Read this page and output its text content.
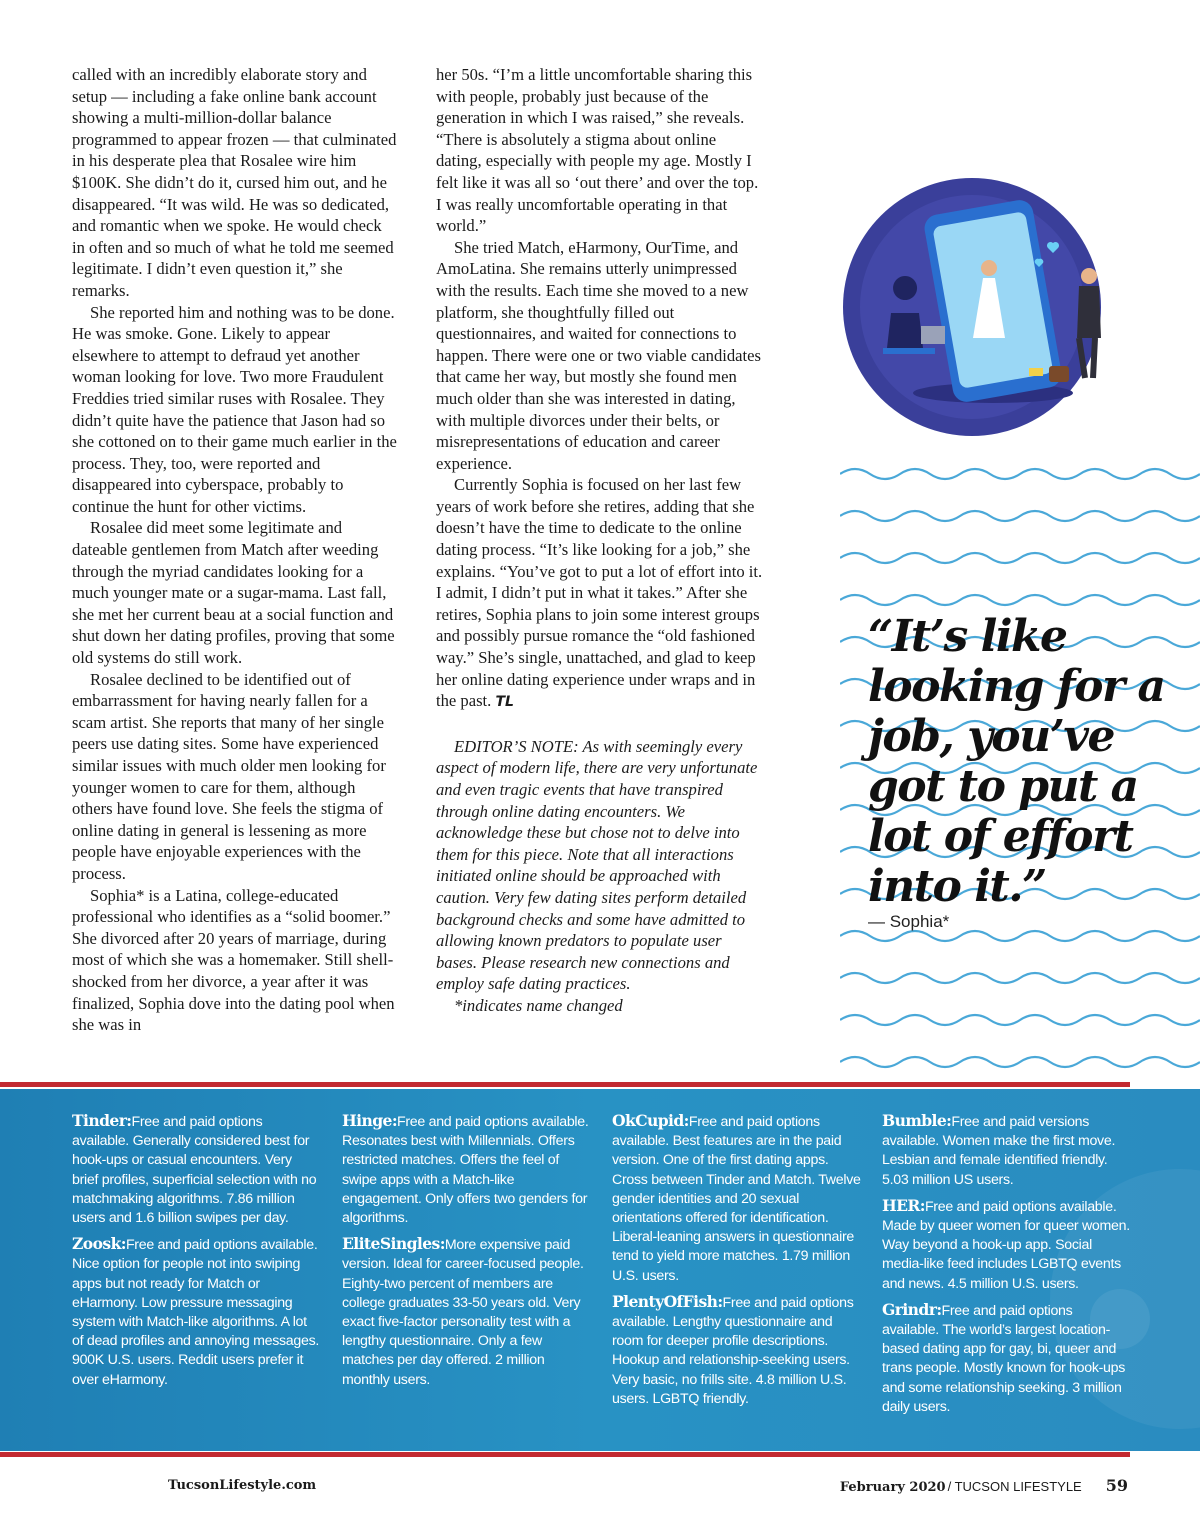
called with an incredibly elaborate story and setup — including a fake online bank account showing a multi-million-dollar balance programmed to appear frozen — that culminated in his desperate plea that Rosalee wire him $100K. She didn’t do it, cursed him out, and he disappeared. “It was wild. He was so dedicated, and romantic when we spoke. He would check in often and so much of what he told me seemed legitimate. I didn’t even question it,” she remarks.

She reported him and nothing was to be done. He was smoke. Gone. Likely to appear elsewhere to attempt to defraud yet another woman looking for love. Two more Fraudulent Freddies tried similar ruses with Rosalee. They didn’t quite have the patience that Jason had so she cottoned on to their game much earlier in the process. They, too, were reported and disappeared into cyberspace, probably to continue the hunt for other victims.

Rosalee did meet some legitimate and dateable gentlemen from Match after weeding through the myriad candidates looking for a much younger mate or a sugar-mama. Last fall, she met her current beau at a social function and shut down her dating profiles, proving that some old systems do still work.

Rosalee declined to be identified out of embarrassment for having nearly fallen for a scam artist. She reports that many of her single peers use dating sites. Some have experienced similar issues with much older men looking for younger women to care for them, although others have found love. She feels the stigma of online dating in general is lessening as more people have enjoyable experiences with the process.

Sophia* is a Latina, college-educated professional who identifies as a “solid boomer.” She divorced after 20 years of marriage, during most of which she was a homemaker. Still shell-shocked from her divorce, a year after it was finalized, Sophia dove into the dating pool when she was in

her 50s. “I’m a little uncomfortable sharing this with people, probably just because of the generation in which I was raised,” she reveals. “There is absolutely a stigma about online dating, especially with people my age. Mostly I felt like it was all so ‘out there’ and over the top. I was really uncomfortable operating in that world.”

She tried Match, eHarmony, OurTime, and AmoLatina. She remains utterly unimpressed with the results. Each time she moved to a new platform, she thoughtfully filled out questionnaires, and waited for connections to happen. There were one or two viable candidates that came her way, but mostly she found men much older than she was interested in dating, with multiple divorces under their belts, or misrepresentations of education and career experience.

Currently Sophia is focused on her last few years of work before she retires, adding that she doesn’t have the time to dedicate to the online dating process. “It’s like looking for a job,” she explains. “You’ve got to put a lot of effort into it. I admit, I didn’t put in what it takes.” After she retires, Sophia plans to join some interest groups and possibly pursue romance the “old fashioned way.” She’s single, unattached, and glad to keep her online dating experience under wraps and in the past. TL

EDITOR’S NOTE: As with seemingly every aspect of modern life, there are very unfortunate and even tragic events that have transpired through online dating encounters. We acknowledge these but chose not to delve into them for this piece. Note that all interactions initiated online should be approached with caution. Very few dating sites perform detailed background checks and some have admitted to allowing known predators to populate user bases. Please research new connections and employ safe dating practices.

*indicates name changed

“It’s like looking for a job, you’ve got to put a lot of effort into it.”
— Sophia*
Tinder:Free and paid options available. Generally considered best for hook-ups or casual encounters. Very brief profiles, superficial selection with no matchmaking algorithms. 7.86 million users and 1.6 billion swipes per day.
Zoosk:Free and paid options available. Nice option for people not into swiping apps but not ready for Match or eHarmony. Low pressure messaging system with Match-like algorithms. A lot of dead profiles and annoying messages. 900K U.S. users. Reddit users prefer it over eHarmony.
Hinge:Free and paid options available. Resonates best with Millennials. Offers restricted matches. Offers the feel of swipe apps with a Match-like engagement. Only offers two genders for algorithms.
EliteSingles:More expensive paid version. Ideal for career-focused people. Eighty-two percent of members are college graduates 33-50 years old. Very exact five-factor personality test with a lengthy questionnaire. Only a few matches per day offered. 2 million monthly users.
OkCupid:Free and paid options available. Best features are in the paid version. One of the first dating apps. Cross between Tinder and Match. Twelve gender identities and 20 sexual orientations offered for identification. Liberal-leaning answers in questionnaire tend to yield more matches. 1.79 million U.S. users.
PlentyOfFish:Free and paid options available. Lengthy questionnaire and room for deeper profile descriptions. Hookup and relationship-seeking users. Very basic, no frills site. 4.8 million U.S. users. LGBTQ friendly.
Bumble:Free and paid versions available. Women make the first move. Lesbian and female identified friendly. 5.03 million US users.
HER:Free and paid options available. Made by queer women for queer women. Way beyond a hook-up app. Social media-like feed includes LGBTQ events and news. 4.5 million U.S. users.
Grindr:Free and paid options available. The world’s largest location-based dating app for gay, bi, queer and trans people. Mostly known for hook-ups and some relationship seeking. 3 million daily users.
TucsonLifestyle.com	February 2020 / TUCSON LIFESTYLE 59
